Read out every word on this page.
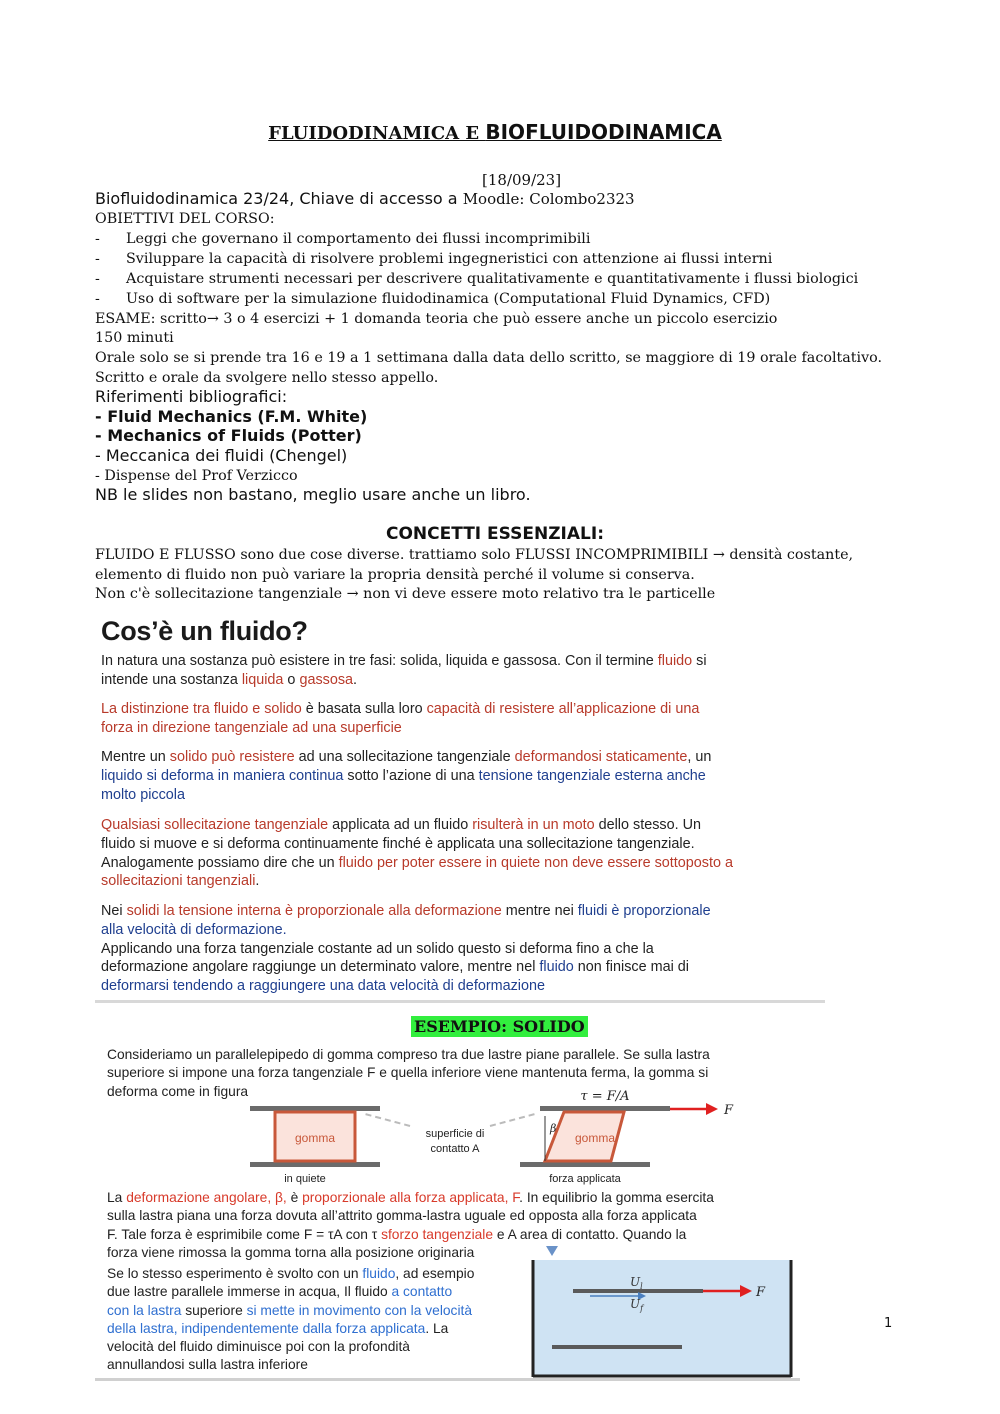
FLUIDODINAMICA E BIOFLUIDODINAMICA
[18/09/23]
Biofluidodinamica 23/24, Chiave di accesso a Moodle: Colombo2323
OBIETTIVI DEL CORSO:
- Leggi che governano il comportamento dei flussi incomprimibili
- Sviluppare la capacità di risolvere problemi ingegneristici con attenzione ai flussi interni
- Acquistare strumenti necessari per descrivere qualitativamente e quantitativamente i flussi biologici
- Uso di software per la simulazione fluidodinamica (Computational Fluid Dynamics, CFD)
ESAME: scritto→ 3 o 4 esercizi + 1 domanda teoria che può essere anche un piccolo esercizio
150 minuti
Orale solo se si prende tra 16 e 19 a 1 settimana dalla data dello scritto, se maggiore di 19 orale facoltativo.
Scritto e orale da svolgere nello stesso appello.
Riferimenti bibliografici:
- Fluid Mechanics (F.M. White)
- Mechanics of Fluids (Potter)
- Meccanica dei fluidi (Chengel)
- Dispense del Prof Verzicco
NB le slides non bastano, meglio usare anche un libro.
CONCETTI ESSENZIALI:
FLUIDO E FLUSSO sono due cose diverse. trattiamo solo FLUSSI INCOMPRIMIBILI → densità costante,
elemento di fluido non può variare la propria densità perché il volume si conserva.
Non c'è sollecitazione tangenziale → non vi deve essere moto relativo tra le particelle
Cos’è un fluido?
In natura una sostanza può esistere in tre fasi: solida, liquida e gassosa. Con il termine fluido si
intende una sostanza liquida o gassosa.
La distinzione tra fluido e solido è basata sulla loro capacità di resistere all’applicazione di una
forza in direzione tangenziale ad una superficie
Mentre un solido può resistere ad una sollecitazione tangenziale deformandosi staticamente, un
liquido si deforma in maniera continua sotto l’azione di una tensione tangenziale esterna anche
molto piccola
Qualsiasi sollecitazione tangenziale applicata ad un fluido risulterà in un moto dello stesso. Un
fluido si muove e si deforma continuamente finché è applicata una sollecitazione tangenziale.
Analogamente possiamo dire che un fluido per poter essere in quiete non deve essere sottoposto a
sollecitazioni tangenziali.
Nei solidi la tensione interna è proporzionale alla deformazione mentre nei fluidi è proporzionale
alla velocità di deformazione.
Applicando una forza tangenziale costante ad un solido questo si deforma fino a che la
deformazione angolare raggiunge un determinato valore, mentre nel fluido non finisce mai di
deformarsi tendendo a raggiungere una data velocità di deformazione
ESEMPIO: SOLIDO
Consideriamo un parallelepipedo di gomma compreso tra due lastre piane parallele. Se sulla lastra
superiore si impone una forza tangenziale F e quella inferiore viene mantenuta ferma, la gomma si
deforma come in figura
gomma
in quiete
superficie di
contatto A
τ = F/A
β
gomma
F
forza applicata
La deformazione angolare, β, è proporzionale alla forza applicata, F. In equilibrio la gomma esercita
sulla lastra piana una forza dovuta all’attrito gomma-lastra uguale ed opposta alla forza applicata
F. Tale forza è esprimibile come F = τA con τ sforzo tangenziale e A area di contatto. Quando la
forza viene rimossa la gomma torna alla posizione originaria
Se lo stesso esperimento è svolto con un fluido, ad esempio
due lastre parallele immerse in acqua, Il fluido a contatto
con la lastra superiore si mette in movimento con la velocità
della lastra, indipendentemente dalla forza applicata. La
velocità del fluido diminuisce poi con la profondità
annullandosi sulla lastra inferiore
F
$U_l$
$U_f$
1
